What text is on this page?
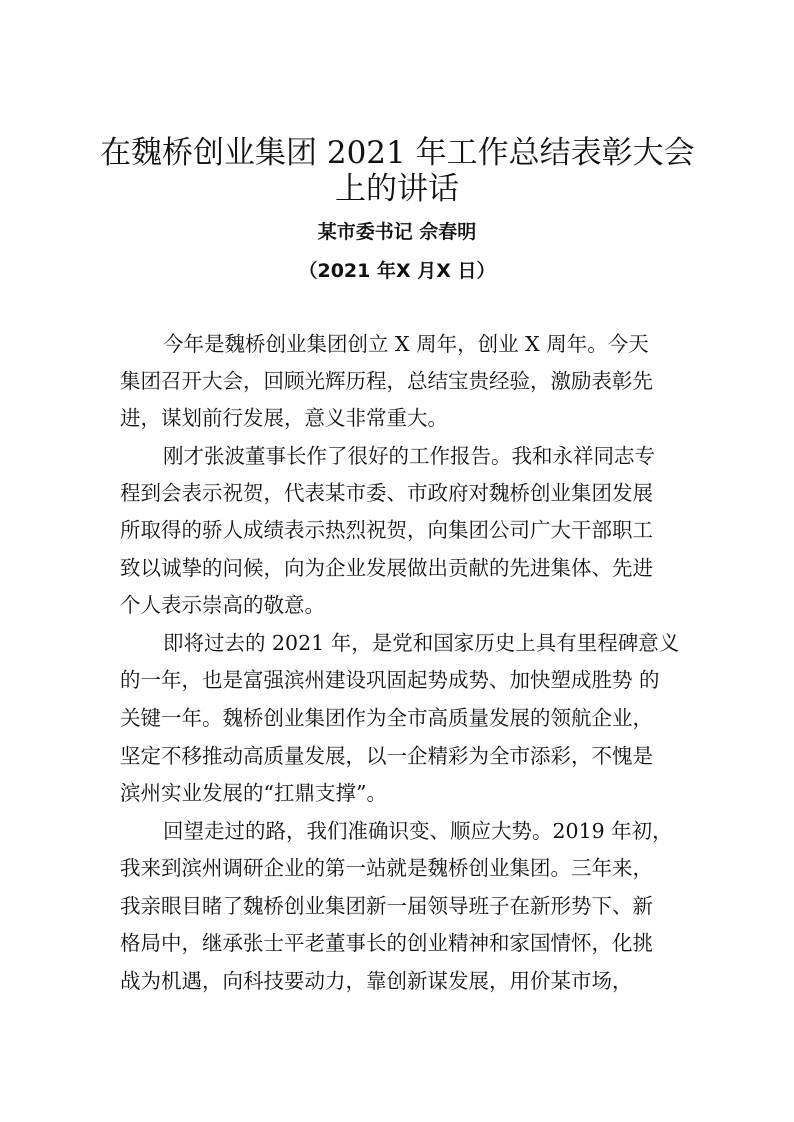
在魏桥创业集团 2021 年工作总结表彰大会
上的讲话
某市委书记 佘春明
（2021 年X 月X 日）
今年是魏桥创业集团创立 X 周年，创业 X 周年。今天
集团召开大会，回顾光辉历程，总结宝贵经验，激励表彰先
进，谋划前行发展，意义非常重大。
刚才张波董事长作了很好的工作报告。我和永祥同志专
程到会表示祝贺，代表某市委、市政府对魏桥创业集团发展
所取得的骄人成绩表示热烈祝贺，向集团公司广大干部职工
致以诚挚的问候，向为企业发展做出贡献的先进集体、先进
个人表示崇高的敬意。
即将过去的 2021 年，是党和国家历史上具有里程碑意义
的一年，也是富强滨州建设巩固起势成势、加快塑成胜势 的
关键一年。魏桥创业集团作为全市高质量发展的领航企业，
坚定不移推动高质量发展，以一企精彩为全市添彩，不愧是
滨州实业发展的“扛鼎支撑”。
回望走过的路，我们准确识变、顺应大势。2019 年初，
我来到滨州调研企业的第一站就是魏桥创业集团。三年来，
我亲眼目睹了魏桥创业集团新一届领导班子在新形势下、新
格局中，继承张士平老董事长的创业精神和家国情怀，化挑
战为机遇，向科技要动力，靠创新谋发展，用价某市场，
